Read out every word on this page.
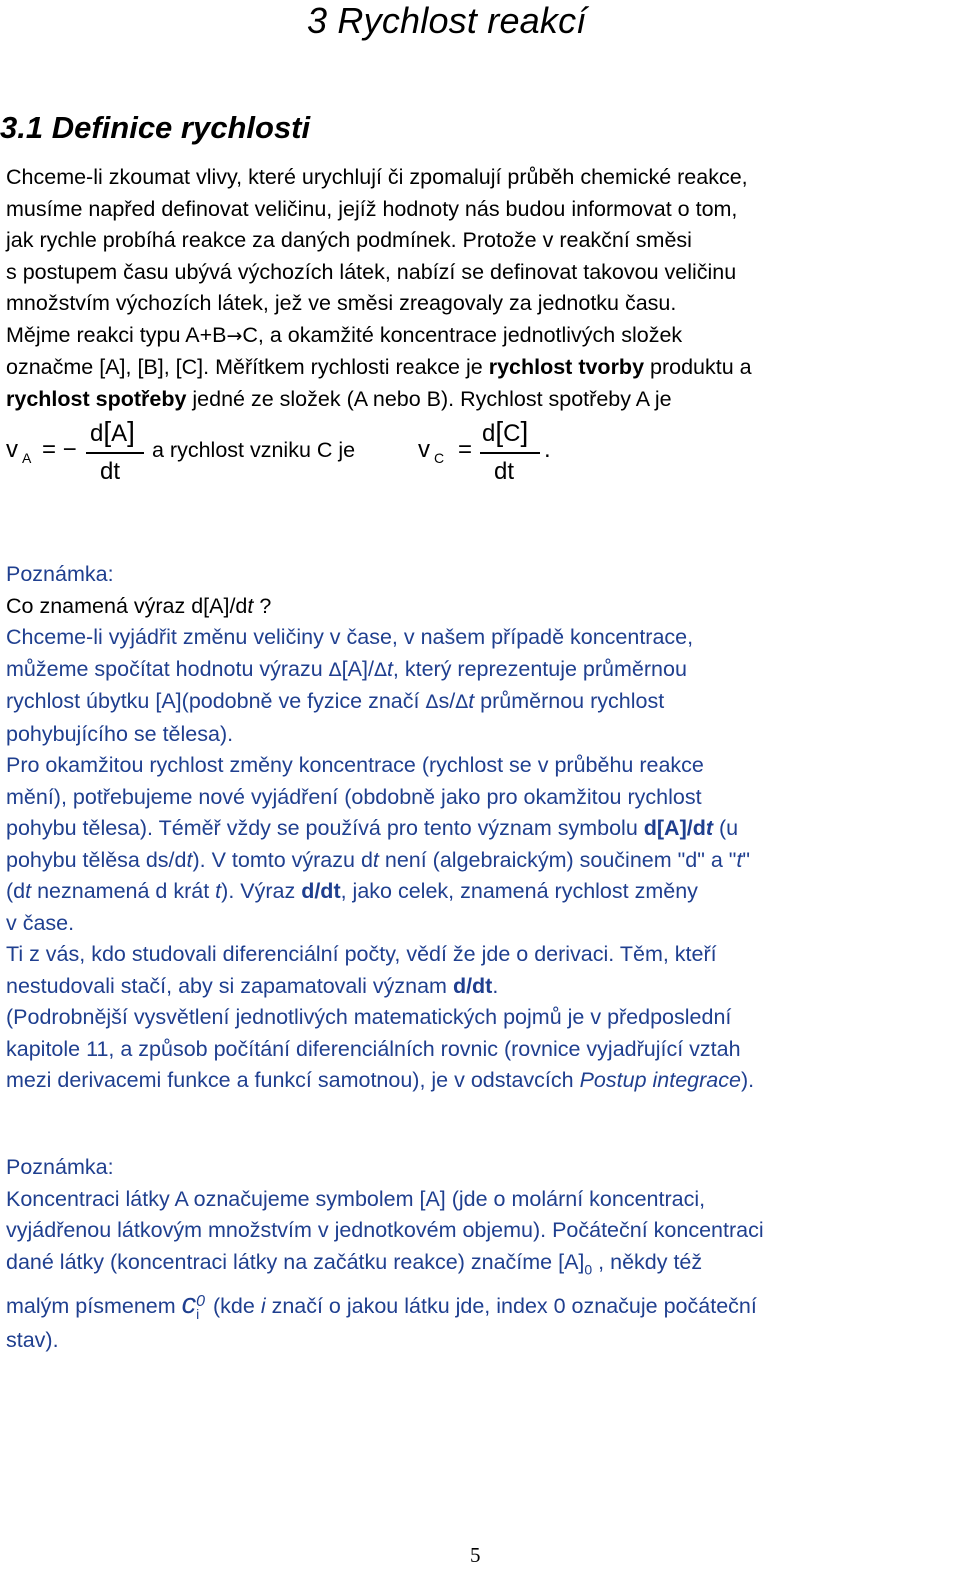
3 Rychlost reakcí
3.1 Definice rychlosti
Chceme-li zkoumat vlivy, které urychlují či zpomalují průběh chemické reakce,
musíme napřed definovat veličinu, jejíž hodnoty nás budou informovat o tom,
jak rychle probíhá reakce za daných podmínek. Protože v reakční směsi
s postupem času ubývá výchozích látek, nabízí se definovat takovou veličinu
množstvím výchozích látek, jež ve směsi zreagovaly za jednotku času.
Mějme reakci typu A+B→C, a okamžité koncentrace jednotlivých složek
označme [A], [B], [C]. Měřítkem rychlosti reakce je rychlost tvorby produktu a
rychlost spotřeby jedné ze složek (A nebo B). Rychlost spotřeby A je
v A = −
d[A]
dt
a rychlost vzniku C je	v C =
d[C]
dt
.
Poznámka:
Co znamená výraz d[A]/dt ?
Chceme-li vyjádřit změnu veličiny v čase, v našem případě koncentrace,
můžeme spočítat hodnotu výrazu Δ[A]/Δt, který reprezentuje průměrnou
rychlost úbytku [A](podobně ve fyzice značí Δs/Δt průměrnou rychlost
pohybujícího se tělesa).
Pro okamžitou rychlost změny koncentrace (rychlost se v průběhu reakce
mění), potřebujeme nové vyjádření (obdobně jako pro okamžitou rychlost
pohybu tělesa). Téměř vždy se používá pro tento význam symbolu d[A]/dt (u
pohybu tělěsa ds/dt). V tomto výrazu dt není (algebraickým) součinem "d" a "t"
(dt neznamená d krát t). Výraz d/dt, jako celek, znamená rychlost změny
v čase.
Ti z vás, kdo studovali diferenciální počty, vědí že jde o derivaci. Těm, kteří
nestudovali stačí, aby si zapamatovali význam d/dt.
(Podrobnější vysvětlení jednotlivých matematických pojmů je v předposlední
kapitole 11, a způsob počítání diferenciálních rovnic (rovnice vyjadřující vztah
mezi derivacemi funkce a funkcí samotnou), je v odstavcích Postup integrace).
Poznámka:
Koncentraci látky A označujeme symbolem [A] (jde o molární koncentraci,
vyjádřenou látkovým množstvím v jednotkovém objemu). Počáteční koncentraci
dané látky (koncentraci látky na začátku reakce) značíme $[A]_0$ , někdy též
malým písmenem c 0
i (kde i značí o jakou látku jde, index 0 označuje počáteční
stav).
5
